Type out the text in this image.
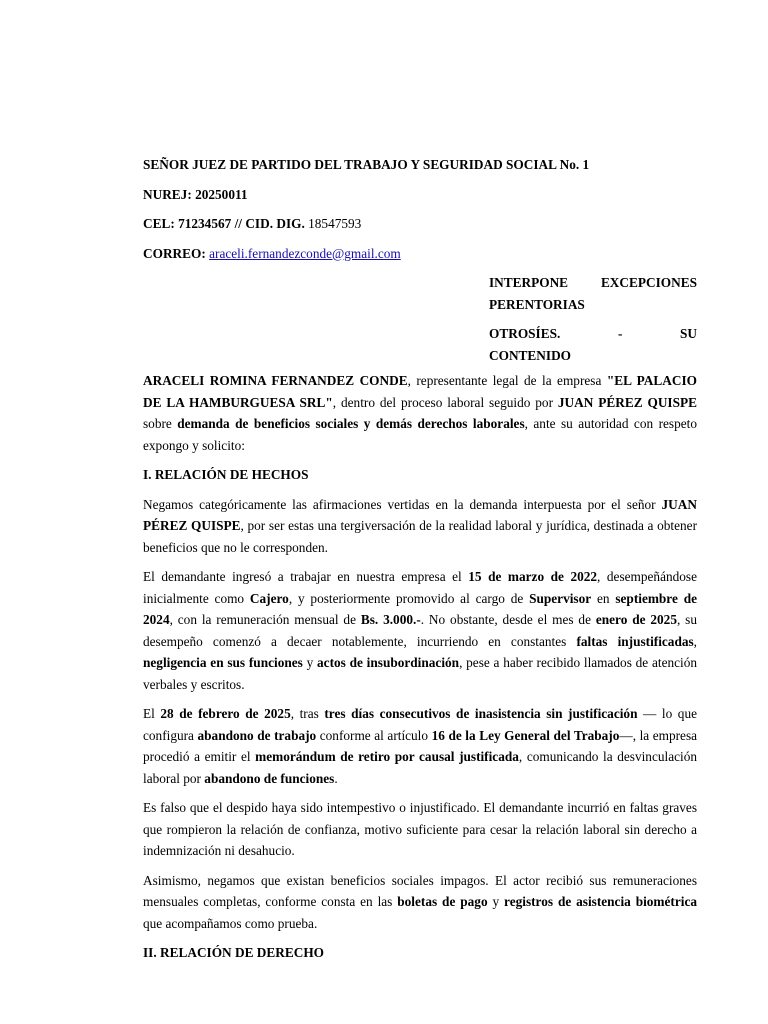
SEÑOR JUEZ DE PARTIDO DEL TRABAJO Y SEGURIDAD SOCIAL No. 1

NUREJ: 20250011

CEL: 71234567 // CID. DIG. 18547593

CORREO: araceli.fernandezconde@gmail.com

INTERPONE EXCEPCIONES PERENTORIAS

OTROSÍES.	-	SU
CONTENIDO

ARACELI ROMINA FERNANDEZ CONDE, representante legal de la empresa "EL PALACIO DE LA HAMBURGUESA SRL", dentro del proceso laboral seguido por JUAN PÉREZ QUISPE sobre demanda de beneficios sociales y demás derechos laborales, ante su autoridad con respeto expongo y solicito:

I. RELACIÓN DE HECHOS

Negamos categóricamente las afirmaciones vertidas en la demanda interpuesta por el señor JUAN PÉREZ QUISPE, por ser estas una tergiversación de la realidad laboral y jurídica, destinada a obtener beneficios que no le corresponden.

El demandante ingresó a trabajar en nuestra empresa el 15 de marzo de 2022, desempeñándose inicialmente como Cajero, y posteriormente promovido al cargo de Supervisor en septiembre de 2024, con la remuneración mensual de Bs. 3.000.-. No obstante, desde el mes de enero de 2025, su desempeño comenzó a decaer notablemente, incurriendo en constantes faltas injustificadas, negligencia en sus funciones y actos de insubordinación, pese a haber recibido llamados de atención verbales y escritos.

El 28 de febrero de 2025, tras tres días consecutivos de inasistencia sin justificación — lo que configura abandono de trabajo conforme al artículo 16 de la Ley General del Trabajo—, la empresa procedió a emitir el memorándum de retiro por causal justificada, comunicando la desvinculación laboral por abandono de funciones.

Es falso que el despido haya sido intempestivo o injustificado. El demandante incurrió en faltas graves que rompieron la relación de confianza, motivo suficiente para cesar la relación laboral sin derecho a indemnización ni desahucio.

Asimismo, negamos que existan beneficios sociales impagos. El actor recibió sus remuneraciones mensuales completas, conforme consta en las boletas de pago y registros de asistencia biométrica que acompañamos como prueba.

II. RELACIÓN DE DERECHO
